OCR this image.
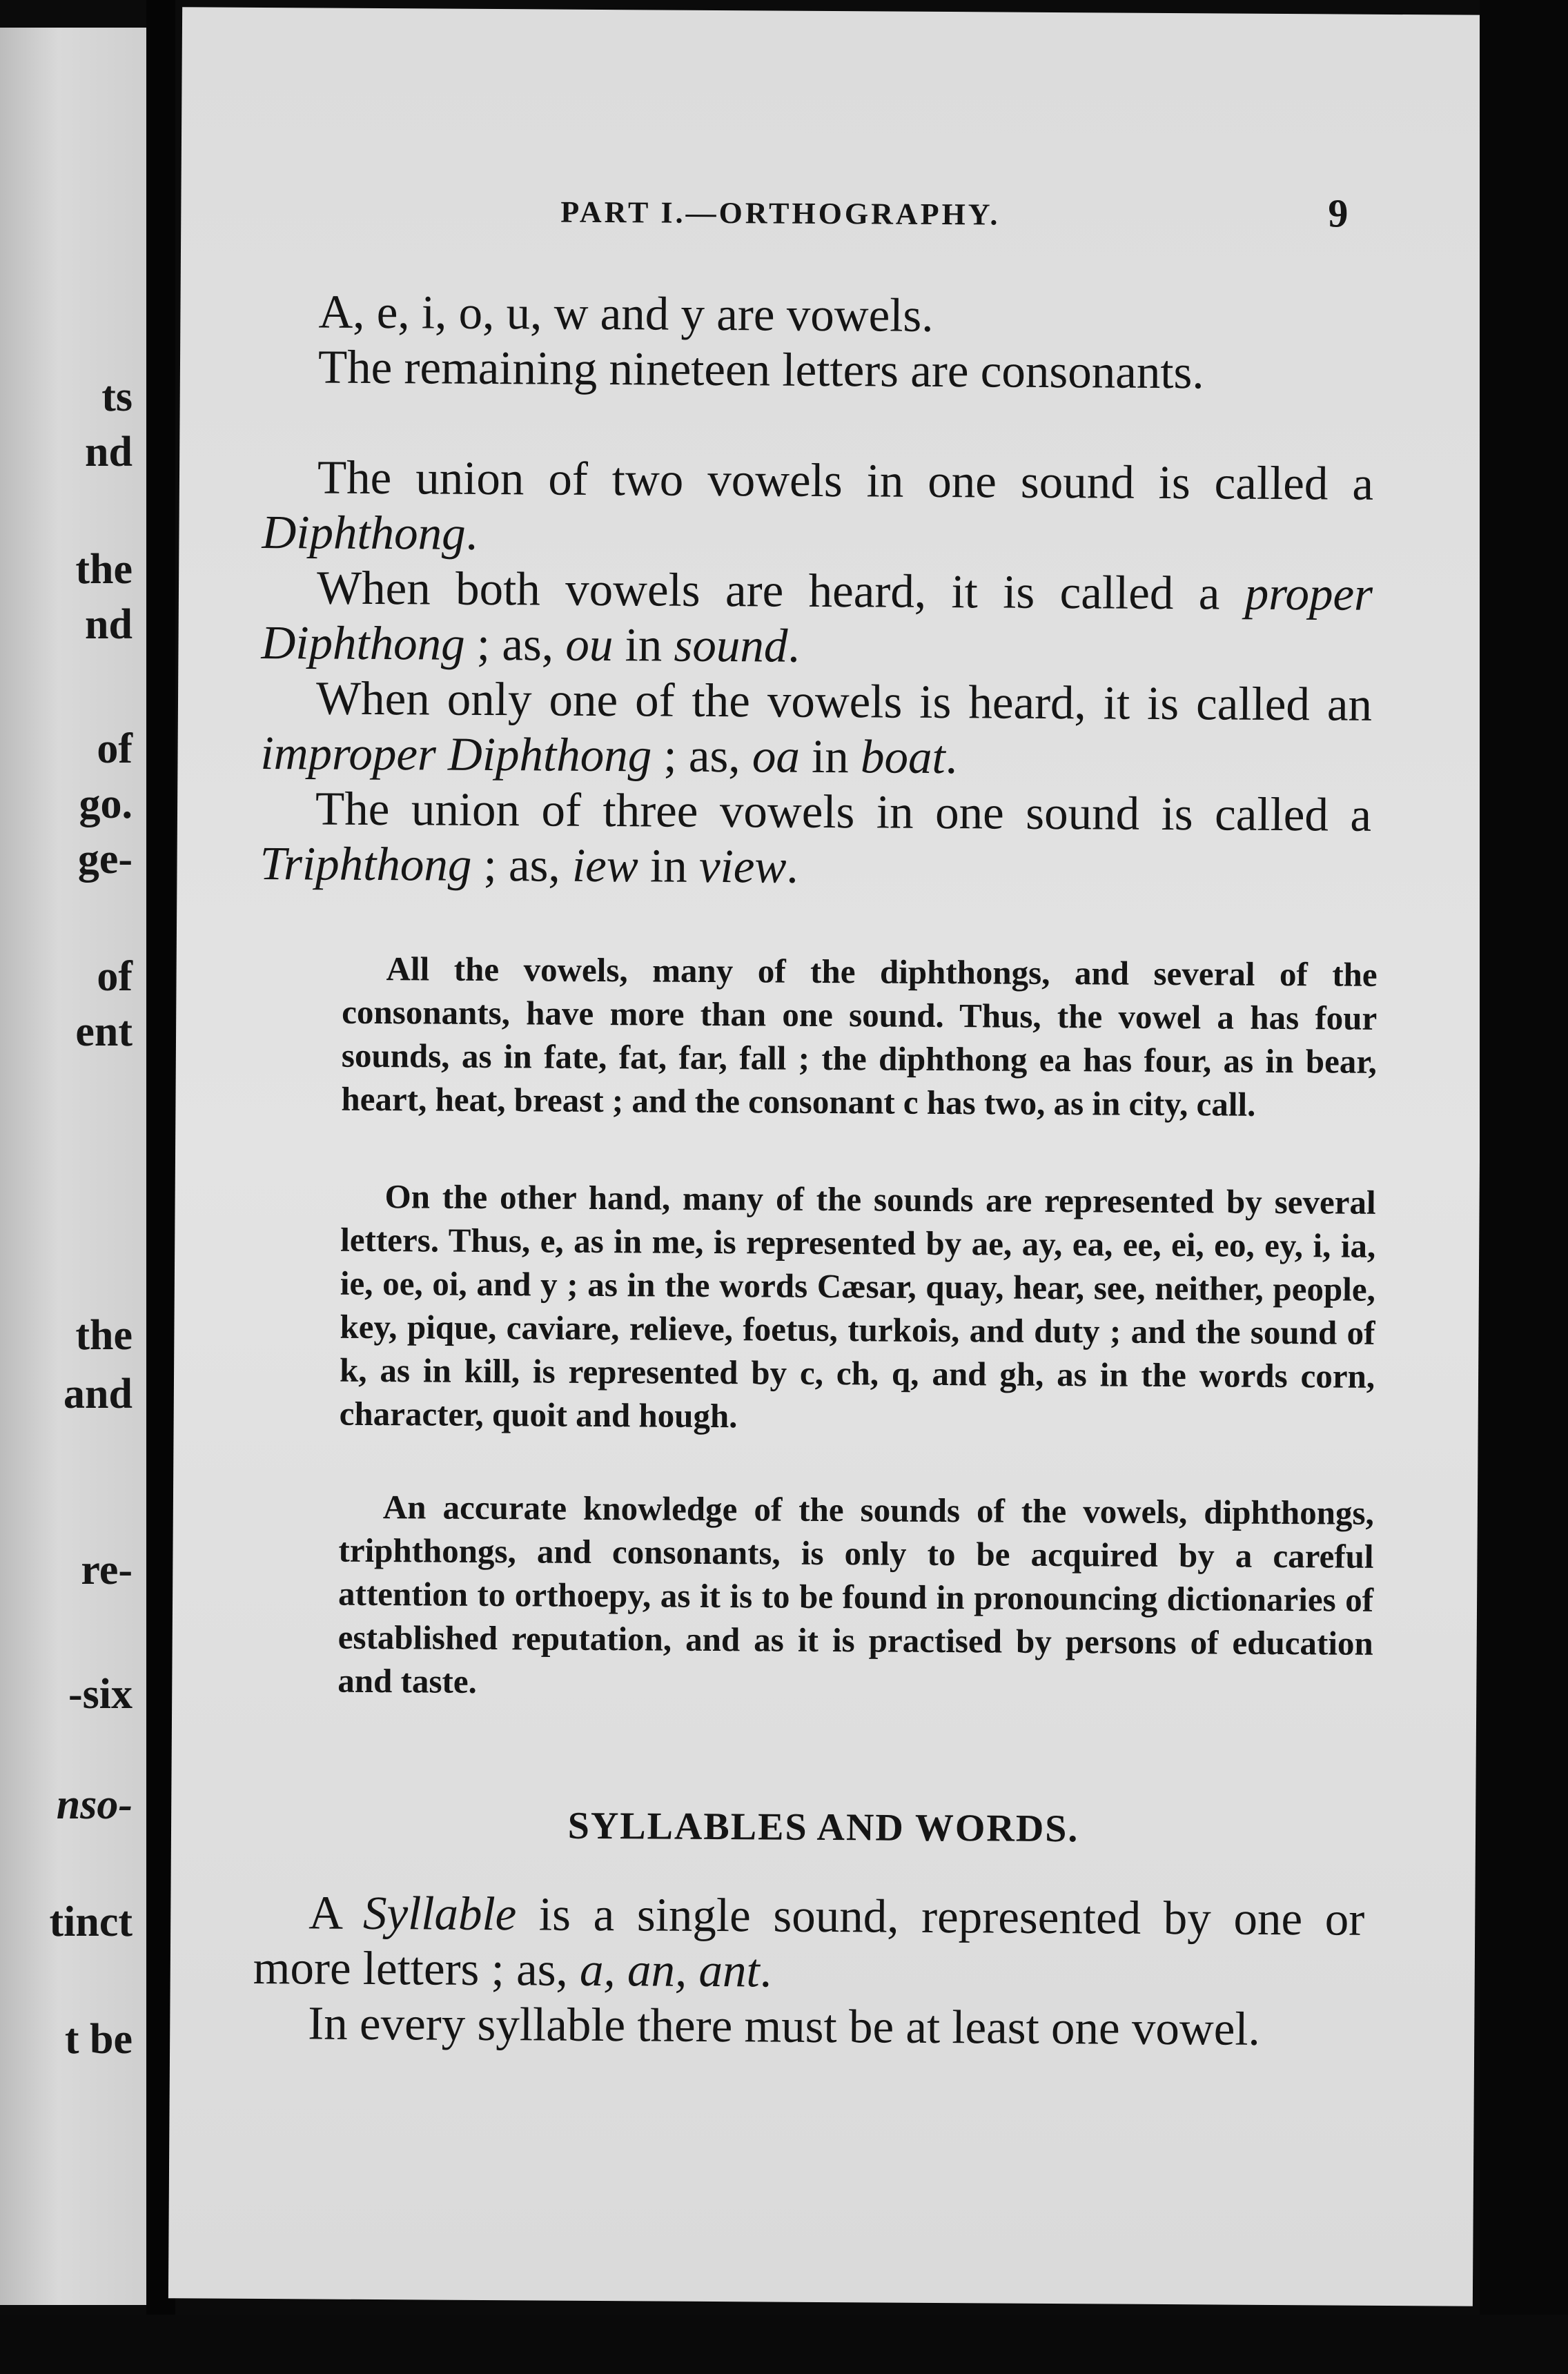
ts
nd
the
nd
of
go.
ge-
of
ent
the
and
re-
-six
nso-
tinct
t be
PART I.—ORTHOGRAPHY.	9

A, e, i, o, u, w and y are vowels.

The remaining nineteen letters are consonants.

The union of two vowels in one sound is called a Diphthong.

When both vowels are heard, it is called a proper Diphthong ; as, ou in sound.

When only one of the vowels is heard, it is called an improper Diphthong ; as, oa in boat.

The union of three vowels in one sound is called a Triphthong ; as, iew in view.

All the vowels, many of the diphthongs, and several of the consonants, have more than one sound. Thus, the vowel a has four sounds, as in fate, fat, far, fall ; the diphthong ea has four, as in bear, heart, heat, breast ; and the consonant c has two, as in city, call.

On the other hand, many of the sounds are represented by several letters. Thus, e, as in me, is represented by ae, ay, ea, ee, ei, eo, ey, i, ia, ie, oe, oi, and y ; as in the words Cæsar, quay, hear, see, neither, people, key, pique, caviare, relieve, foetus, turkois, and duty ; and the sound of k, as in kill, is represented by c, ch, q, and gh, as in the words corn, character, quoit and hough.

An accurate knowledge of the sounds of the vowels, diphthongs, triphthongs, and consonants, is only to be acquired by a careful attention to orthoepy, as it is to be found in pronouncing dictionaries of established reputation, and as it is practised by persons of education and taste.

SYLLABLES AND WORDS.

A Syllable is a single sound, represented by one or more letters ; as, a, an, ant.

In every syllable there must be at least one vowel.
